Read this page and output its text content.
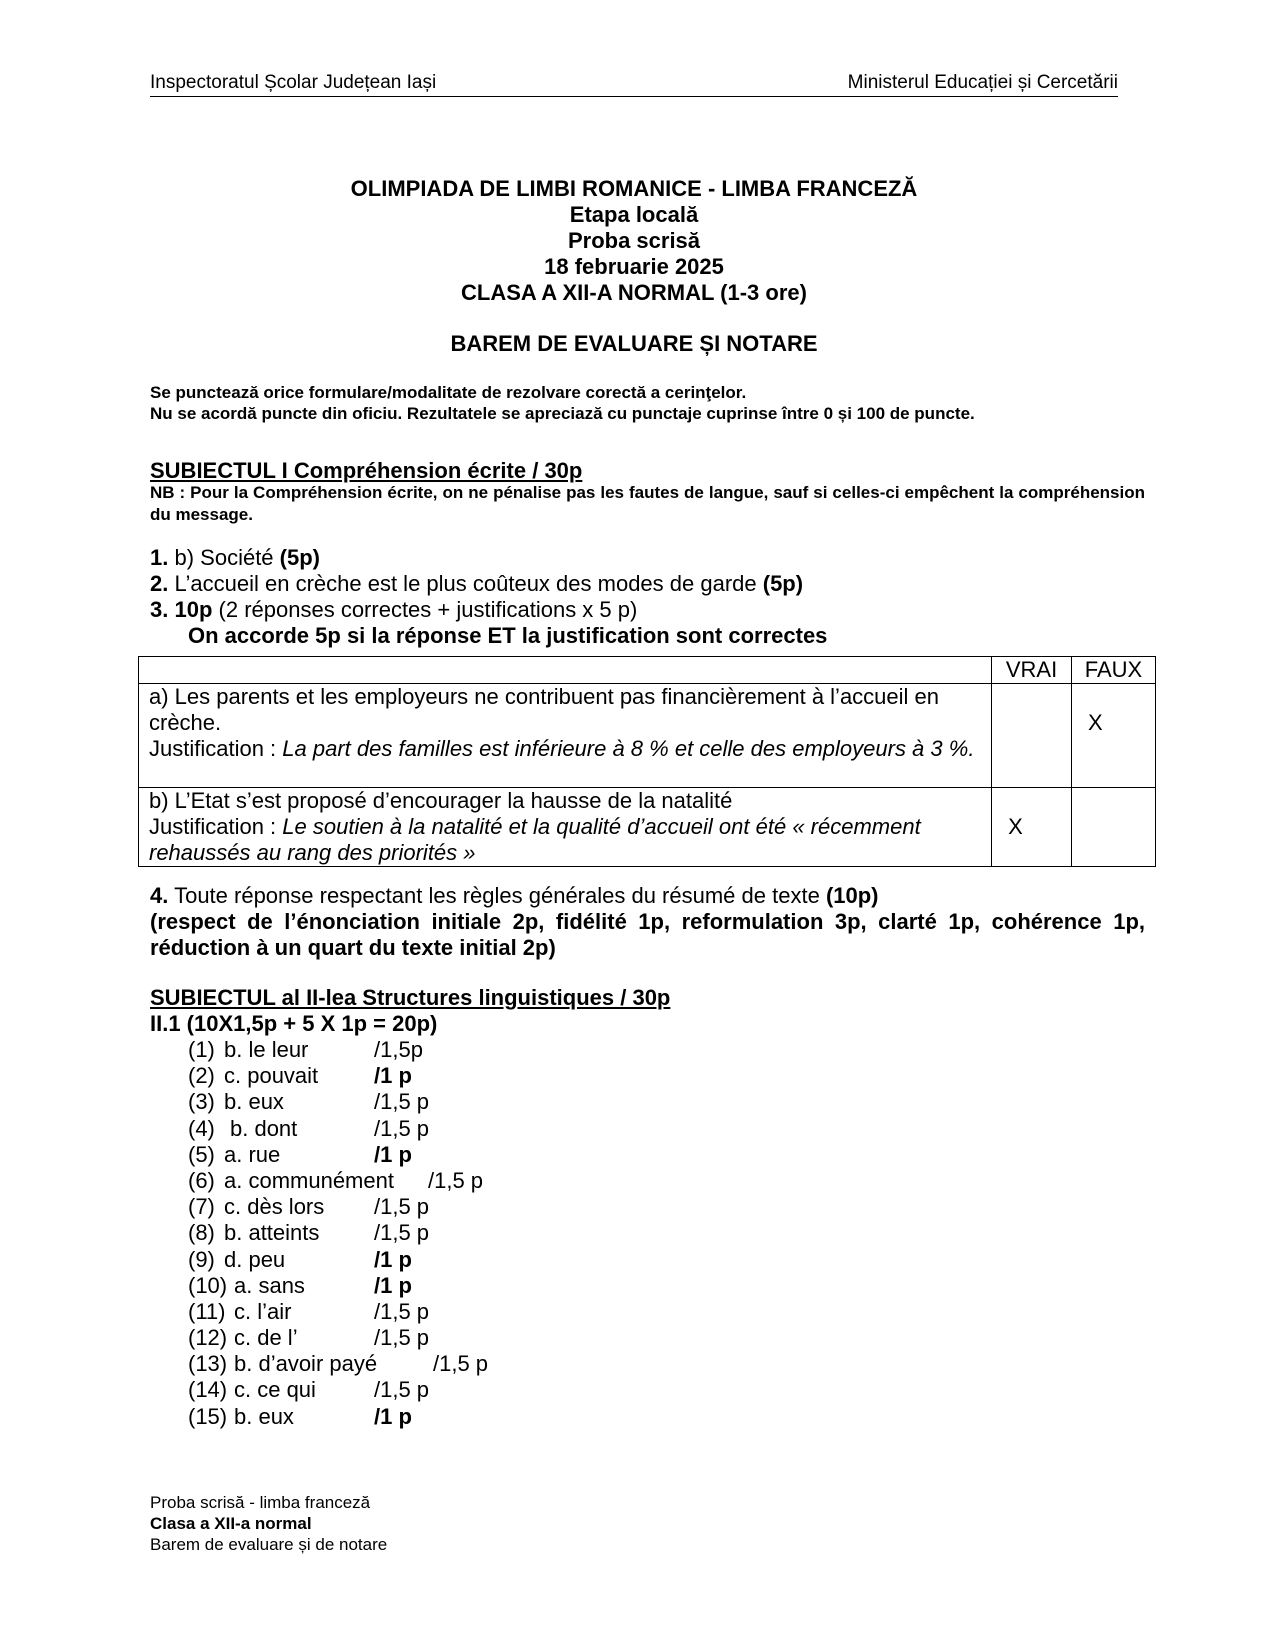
Inspectoratul Școlar Județean Iași	Ministerul Educației și Cercetării
OLIMPIADA DE LIMBI ROMANICE - LIMBA FRANCEZĂ
Etapa locală
Proba scrisă
18 februarie 2025
CLASA A XII-A NORMAL (1-3 ore)
BAREM DE EVALUARE ȘI NOTARE
Se punctează orice formulare/modalitate de rezolvare corectă a cerinţelor.
Nu se acordă puncte din oficiu. Rezultatele se apreciază cu punctaje cuprinse între 0 și 100 de puncte.
SUBIECTUL I Compréhension écrite / 30p
NB : Pour la Compréhension écrite, on ne pénalise pas les fautes de langue, sauf si celles-ci empêchent la compréhension du message.
1. b) Société (5p)
2. L’accueil en crèche est le plus coûteux des modes de garde (5p)
3. 10p (2 réponses correctes + justifications x 5 p)
On accorde 5p si la réponse ET la justification sont correctes
	VRAI	FAUX

a) Les parents et les employeurs ne contribuent pas financièrement à l’accueil en crèche.
Justification : La part des familles est inférieure à 8 % et celle des employeurs à 3 %.		X

b) L’Etat s’est proposé d’encourager la hausse de la natalité
Justification : Le soutien à la natalité et la qualité d’accueil ont été « récemment rehaussés au rang des priorités »	X	
4. Toute réponse respectant les règles générales du résumé de texte (10p)
(respect de l’énonciation initiale 2p, fidélité 1p, reformulation 3p, clarté 1p, cohérence 1p, réduction à un quart du texte initial 2p)
SUBIECTUL al II-lea Structures linguistiques / 30p
II.1 (10X1,5p + 5 X 1p = 20p)
(1) b. le leur	/1,5p
(2) c. pouvait	/1 p
(3) b. eux	/1,5 p
(4) b. dont	/1,5 p
(5) a. rue	/1 p
(6) a. communément /1,5 p
(7) c. dès lors /1,5 p
(8) b. atteints /1,5 p
(9) d. peu	/1 p
(10) a. sans	/1 p
(11) c. l’air	/1,5 p
(12) c. de l’	/1,5 p
(13) b. d’avoir payé	/1,5 p
(14) c. ce qui	/1,5 p
(15) b. eux	/1 p
Proba scrisă - limba franceză
Clasa a XII-a normal
Barem de evaluare și de notare
